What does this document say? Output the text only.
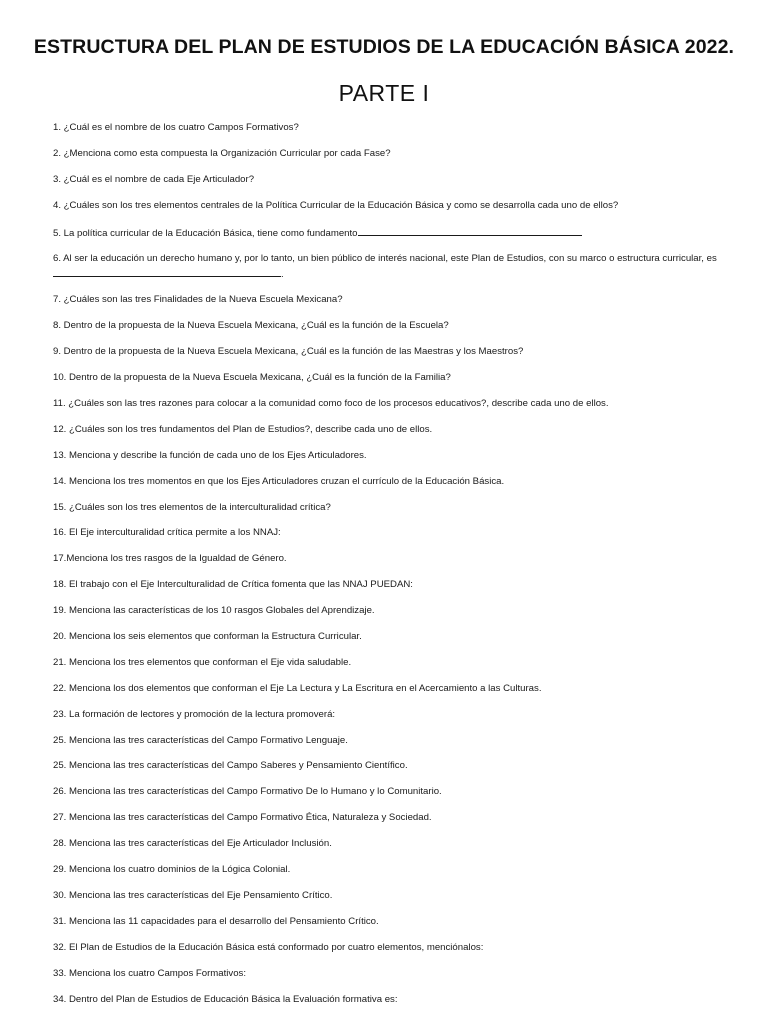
ESTRUCTURA DEL PLAN DE ESTUDIOS DE LA EDUCACIÓN BÁSICA 2022.
PARTE I
1. ¿Cuál es el nombre de los cuatro Campos Formativos?
2. ¿Menciona como esta compuesta la Organización Curricular por cada Fase?
3. ¿Cuál es el nombre de cada Eje Articulador?
4. ¿Cuáles son los tres elementos centrales de la Política Curricular de la Educación Básica y como se desarrolla cada uno de ellos?
5. La política curricular de la Educación Básica, tiene como fundamento
6. Al ser la educación un derecho humano y, por lo tanto, un bien público de interés nacional, este Plan de Estudios, con su marco o estructura curricular, es.
7. ¿Cuáles son las tres Finalidades de la Nueva Escuela Mexicana?
8. Dentro de la propuesta de la Nueva Escuela Mexicana, ¿Cuál es la función de la Escuela?
9. Dentro de la propuesta de la Nueva Escuela Mexicana, ¿Cuál es la función de las Maestras y los Maestros?
10. Dentro de la propuesta de la Nueva Escuela Mexicana, ¿Cuál es la función de la Familia?
11. ¿Cuáles son las tres razones para colocar a la comunidad como foco de los procesos educativos?, describe cada uno de ellos.
12. ¿Cuáles son los tres fundamentos del Plan de Estudios?, describe cada uno de ellos.
13. Menciona y describe la función de cada uno de los Ejes Articuladores.
14. Menciona los tres momentos en que los Ejes Articuladores cruzan el currículo de la Educación Básica.
15. ¿Cuáles son los tres elementos de la interculturalidad crítica?
16. El Eje interculturalidad crítica permite a los NNAJ:
17.Menciona los tres rasgos de la Igualdad de Género.
18. El trabajo con el Eje Interculturalidad de Crítica fomenta que las NNAJ PUEDAN:
19. Menciona las características de los 10 rasgos Globales del Aprendizaje.
20. Menciona los seis elementos que conforman la Estructura Curricular.
21. Menciona los tres elementos que conforman el Eje vida saludable.
22. Menciona los dos elementos que conforman el Eje La Lectura y La Escritura en el Acercamiento a las Culturas.
23. La formación de lectores y promoción de la lectura promoverá:
25. Menciona las tres características del Campo Formativo Lenguaje.
25. Menciona las tres características del Campo Saberes y Pensamiento Científico.
26. Menciona las tres características del Campo Formativo De lo Humano y lo Comunitario.
27. Menciona las tres características del Campo Formativo Ética, Naturaleza y Sociedad.
28. Menciona las tres características del Eje Articulador Inclusión.
29. Menciona los cuatro dominios de la Lógica Colonial.
30. Menciona las tres características del Eje Pensamiento Crítico.
31. Menciona las 11 capacidades para el desarrollo del Pensamiento Crítico.
32. El Plan de Estudios de la Educación Básica está conformado por cuatro elementos, menciónalos:
33. Menciona los cuatro Campos Formativos:
34. Dentro del Plan de Estudios de Educación Básica la Evaluación formativa es:
